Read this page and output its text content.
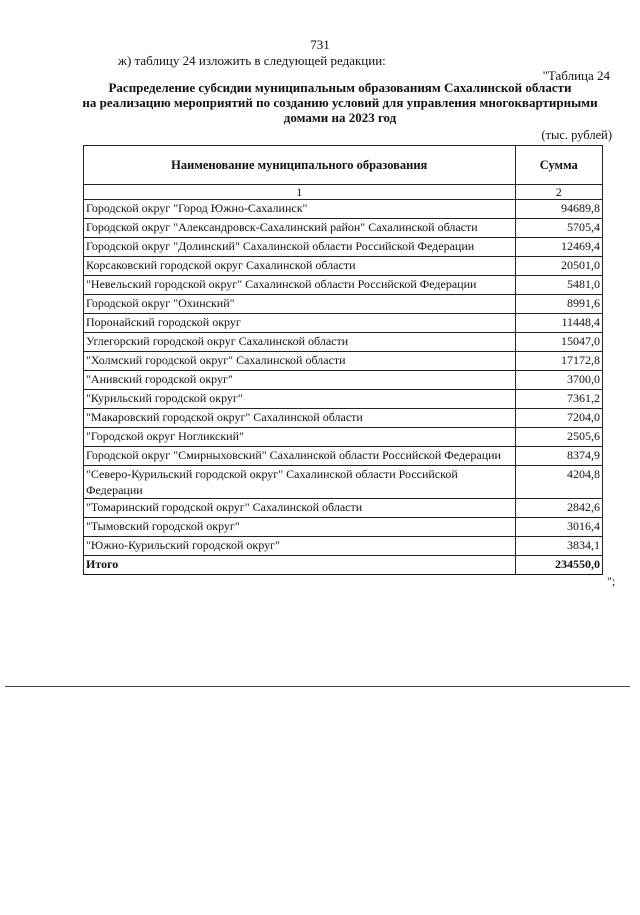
731
ж) таблицу 24 изложить в следующей редакции:
"Таблица 24
Распределение субсидии муниципальным образованиям Сахалинской области
на реализацию мероприятий по созданию условий для управления многоквартирными
домами на 2023 год
(тыс. рублей)
Наименование муниципального образования	Сумма
1	2
Городской округ "Город Южно-Сахалинск"	94689,8
Городской округ "Александровск-Сахалинский район" Сахалинской области	5705,4
Городской округ "Долинский" Сахалинской области Российской Федерации	12469,4
Корсаковский городской округ Сахалинской области	20501,0
"Невельский городской округ" Сахалинской области Российской Федерации	5481,0
Городской округ "Охинский"	8991,6
Поронайский городской округ	11448,4
Углегорский городской округ Сахалинской области	15047,0
"Холмский городской округ" Сахалинской области	17172,8
"Анивский городской округ"	3700,0
"Курильский городской округ"	7361,2
"Макаровский городской округ" Сахалинской области	7204,0
"Городской округ Ногликский"	2505,6
Городской округ "Смирныховский" Сахалинской области Российской Федерации	8374,9
"Северо-Курильский городской округ" Сахалинской области Российской Федерации	4204,8
"Томаринский городской округ" Сахалинской области	2842,6
"Тымовский городской округ"	3016,4
"Южно-Курильский городской округ"	3834,1
Итого	234550,0
";
